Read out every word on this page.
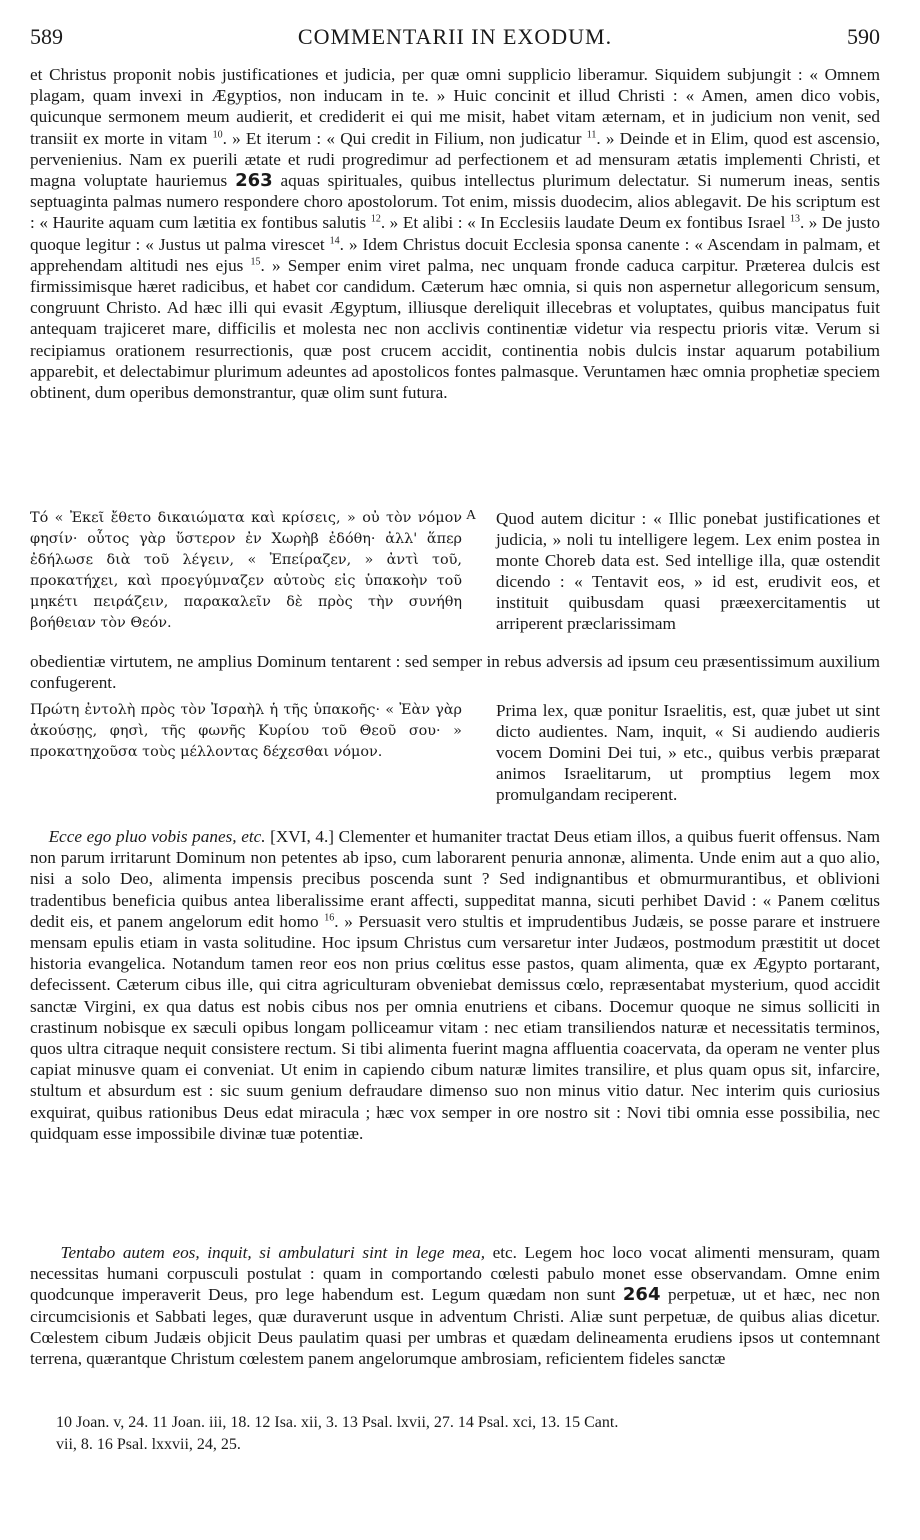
589	COMMENTARII IN EXODUM.	590

et Christus proponit nobis justificationes et judicia, per quæ omni supplicio liberamur. Siquidem subjungit : « Omnem plagam, quam invexi in Ægyptios, non inducam in te. » Huic concinit et illud Christi : « Amen, amen dico vobis, quicunque sermonem meum audierit, et crediderit ei qui me misit, habet vitam æternam, et in judicium non venit, sed transiit ex morte in vitam $^{10}$. » Et iterum : « Qui credit in Filium, non judicatur $^{11}$. » Deinde et in Elim, quod est ascensio, pervenienius. Nam ex puerili ætate et rudi progredimur ad perfectionem et ad mensuram ætatis implementi Christi, et magna voluptate hauriemus 263 aquas spirituales, quibus intellectus plurimum delectatur. Si numerum ineas, sentis septuaginta palmas numero respondere choro apostolorum. Tot enim, missis duodecim, alios ablegavit. De his scriptum est : « Haurite aquam cum lætitia ex fontibus salutis $^{12}$. » Et alibi : « In Ecclesiis laudate Deum ex fontibus Israel $^{13}$. » De justo quoque legitur : « Justus ut palma virescet $^{14}$. » Idem Christus docuit Ecclesia sponsa canente : « Ascendam in palmam, et apprehendam altitudi nes ejus $^{15}$. » Semper enim viret palma, nec unquam fronde caduca carpitur. Præterea dulcis est firmissimisque hæret radicibus, et habet cor candidum. Cæterum hæc omnia, si quis non aspernetur allegoricum sensum, congruunt Christo. Ad hæc illi qui evasit Ægyptum, illiusque dereliquit illecebras et voluptates, quibus mancipatus fuit antequam trajiceret mare, difficilis et molesta nec non acclivis continentiæ videtur via respectu prioris vitæ. Verum si recipiamus orationem resurrectionis, quæ post crucem accidit, continentia nobis dulcis instar aquarum potabilium apparebit, et delectabimur plurimum adeuntes ad apostolicos fontes palmasque. Veruntamen hæc omnia prophetiæ speciem obtinent, dum operibus demonstrantur, quæ olim sunt futura.

Τό « Ἐκεῖ ἔθετο δικαιώματα καὶ κρίσεις, » οὐ τὸν νόμον φησίν· οὗτος γὰρ ὕστερον ἐν Χωρὴβ ἐδόθη· ἀλλ' ἅπερ ἐδήλωσε διὰ τοῦ λέγειν, « Ἐπείραζεν, » ἀντὶ τοῦ, προκατήχει, καὶ προεγύμναζεν αὐτοὺς εἰς ὑπακοὴν τοῦ μηκέτι πειράζειν, παρακαλεῖν δὲ πρὸς τὴν συνήθη βοήθειαν τὸν Θεόν.

A Quod autem dicitur : « Illic ponebat justificationes et judicia, » noli tu intelligere legem. Lex enim postea in monte Choreb data est. Sed intellige illa, quæ ostendit dicendo : « Tentavit eos, » id est, erudivit eos, et instituit quibusdam quasi præexercitamentis ut arriperent præclarissimam

obedientiæ virtutem, ne amplius Dominum tentarent : sed semper in rebus adversis ad ipsum ceu præsentissimum auxilium confugerent.

Πρώτη ἐντολὴ πρὸς τὸν Ἰσραὴλ ἡ τῆς ὑπακοῆς· « Ἐὰν γὰρ ἀκούσῃς, φησὶ, τῆς φωνῆς Κυρίου τοῦ Θεοῦ σου· » προκατηχοῦσα τοὺς μέλλοντας δέχεσθαι νόμον.

Prima lex, quæ ponitur Israelitis, est, quæ jubet ut sint dicto audientes. Nam, inquit, « Si audiendo audieris vocem Domini Dei tui, » etc., quibus verbis præparat animos Israelitarum, ut promptius legem mox promulgandam reciperent.

Ecce ego pluo vobis panes, etc. [XVI, 4.] Clementer et humaniter tractat Deus etiam illos, a quibus fuerit offensus. Nam non parum irritarunt Dominum non petentes ab ipso, cum laborarent penuria annonæ, alimenta. Unde enim aut a quo alio, nisi a solo Deo, alimenta impensis precibus poscenda sunt ? Sed indignantibus et obmurmurantibus, et oblivioni tradentibus beneficia quibus antea liberalissime erant affecti, suppeditat manna, sicuti perhibet David : « Panem cœlitus dedit eis, et panem angelorum edit homo $^{16}$. » Persuasit vero stultis et imprudentibus Judæis, se posse parare et instruere mensam epulis etiam in vasta solitudine. Hoc ipsum Christus cum versaretur inter Judæos, postmodum præstitit ut docet historia evangelica. Notandum tamen reor eos non prius cœlitus esse pastos, quam alimenta, quæ ex Ægypto portarant, defecissent. Cæterum cibus ille, qui citra agriculturam obveniebat demissus cœlo, repræsentabat mysterium, quod accidit sanctæ Virgini, ex qua datus est nobis cibus nos per omnia enutriens et cibans. Docemur quoque ne simus solliciti in crastinum nobisque ex sæculi opibus longam polliceamur vitam : nec etiam transiliendos naturæ et necessitatis terminos, quos ultra citraque nequit consistere rectum. Si tibi alimenta fuerint magna affluentia coacervata, da operam ne venter plus capiat minusve quam ei conveniat. Ut enim in capiendo cibum naturæ limites transilire, et plus quam opus sit, infarcire, stultum et absurdum est : sic suum genium defraudare dimenso suo non minus vitio datur. Nec interim quis curiosius exquirat, quibus rationibus Deus edat miracula ; hæc vox semper in ore nostro sit : Novi tibi omnia esse possibilia, nec quidquam esse impossibile divinæ tuæ potentiæ.

Tentabo autem eos, inquit, si ambulaturi sint in lege mea, etc. Legem hoc loco vocat alimenti mensuram, quam necessitas humani corpusculi postulat : quam in comportando cœlesti pabulo monet esse observandam. Omne enim quodcunque imperaverit Deus, pro lege habendum est. Legum quædam non sunt 264 perpetuæ, ut et hæc, nec non circumcisionis et Sabbati leges, quæ duraverunt usque in adventum Christi. Aliæ sunt perpetuæ, de quibus alias dicetur. Cœlestem cibum Judæis objicit Deus paulatim quasi per umbras et quædam delineamenta erudiens ipsos ut contemnant terrena, quærantque Christum cœlestem panem angelorumque ambrosiam, reficientem fideles sanctæ

10 Joan. v, 24. 11 Joan. iii, 18. 12 Isa. xii, 3. 13 Psal. lxvii, 27. 14 Psal. xci, 13. 15 Cant.

vii, 8. 16 Psal. lxxvii, 24, 25.
